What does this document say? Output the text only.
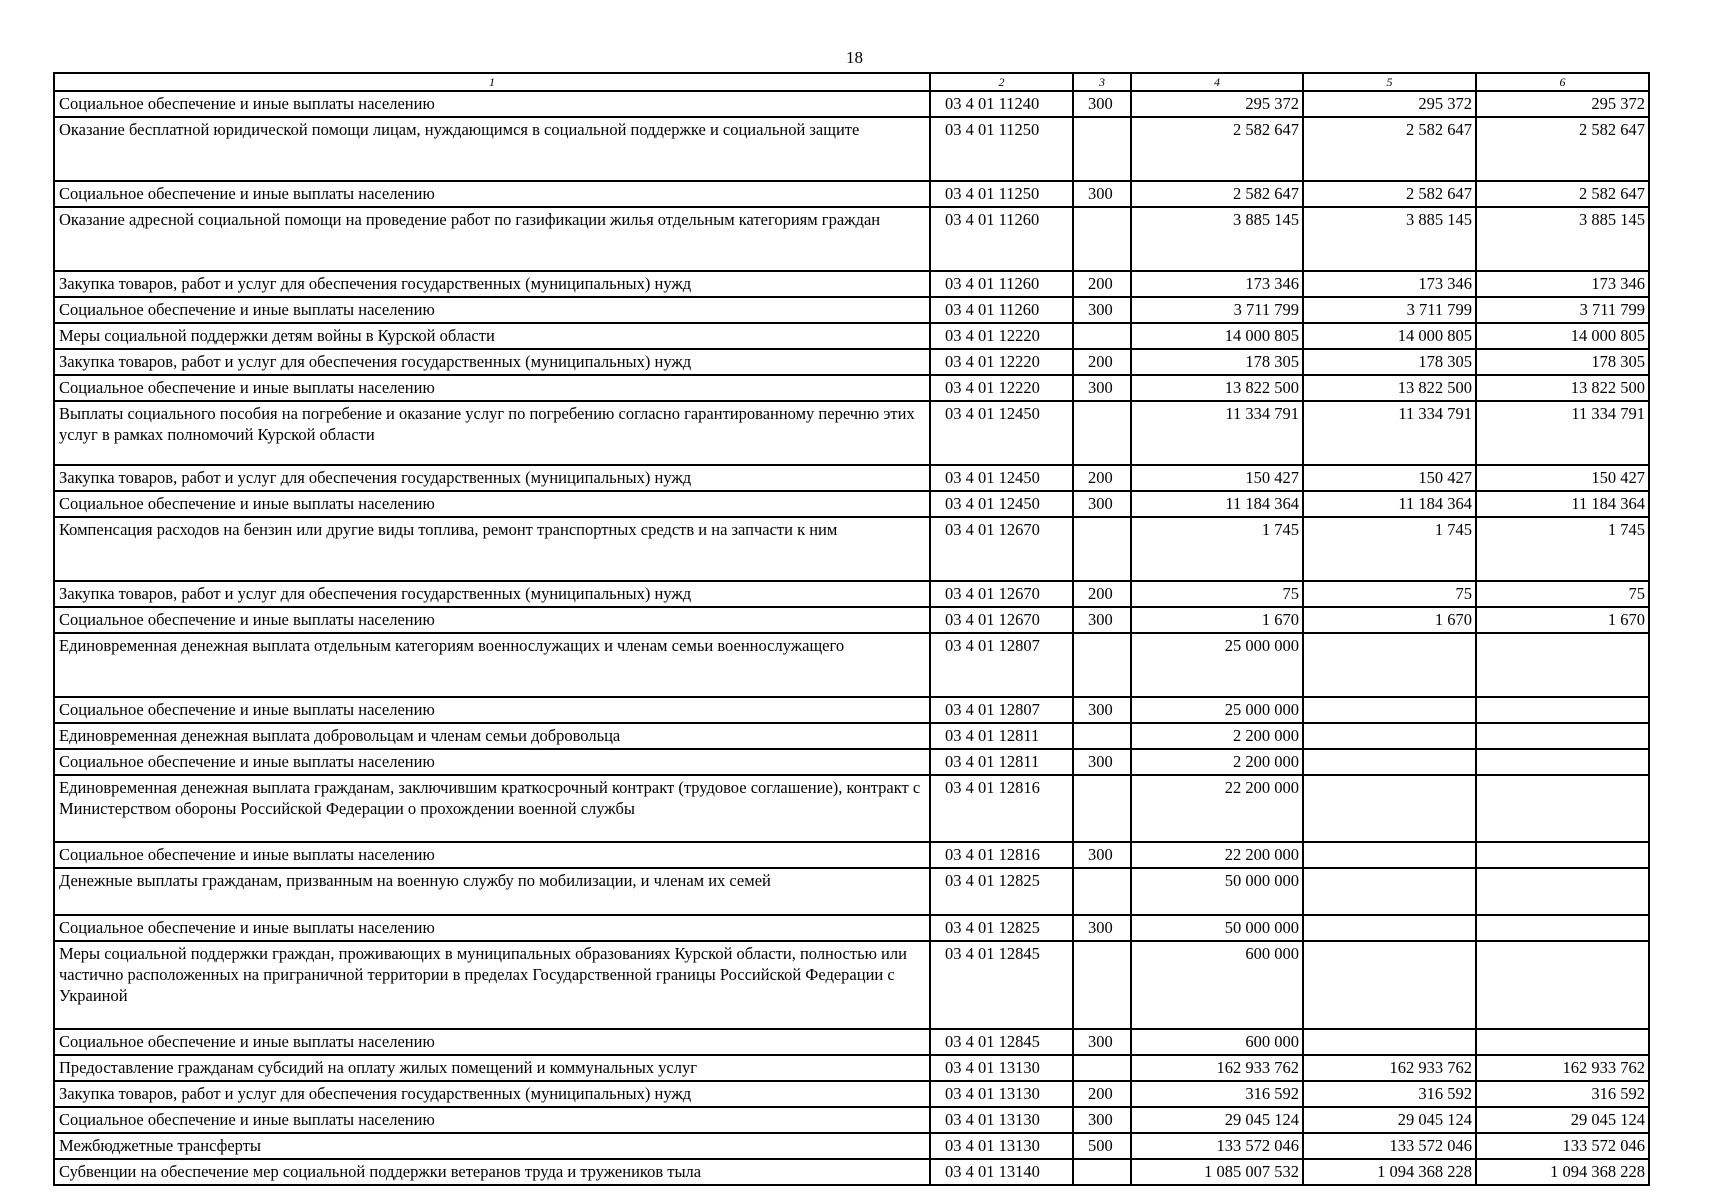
18
1	2	3	4	5	6
Социальное обеспечение и иные выплаты населению	03 4 01 11240	300	295 372	295 372	295 372
Оказание бесплатной юридической помощи лицам, нуждающимся в социальной поддержке и социальной защите	03 4 01 11250		2 582 647	2 582 647	2 582 647
Социальное обеспечение и иные выплаты населению	03 4 01 11250	300	2 582 647	2 582 647	2 582 647
Оказание адресной социальной помощи на проведение работ по газификации жилья отдельным категориям граждан	03 4 01 11260		3 885 145	3 885 145	3 885 145
Закупка товаров, работ и услуг для обеспечения государственных (муниципальных) нужд	03 4 01 11260	200	173 346	173 346	173 346
Социальное обеспечение и иные выплаты населению	03 4 01 11260	300	3 711 799	3 711 799	3 711 799
Меры социальной поддержки детям войны в Курской области	03 4 01 12220		14 000 805	14 000 805	14 000 805
Закупка товаров, работ и услуг для обеспечения государственных (муниципальных) нужд	03 4 01 12220	200	178 305	178 305	178 305
Социальное обеспечение и иные выплаты населению	03 4 01 12220	300	13 822 500	13 822 500	13 822 500
Выплаты социального пособия на погребение и оказание услуг по погребению согласно гарантированному перечню этих услуг в рамках полномочий Курской области	03 4 01 12450		11 334 791	11 334 791	11 334 791
Закупка товаров, работ и услуг для обеспечения государственных (муниципальных) нужд	03 4 01 12450	200	150 427	150 427	150 427
Социальное обеспечение и иные выплаты населению	03 4 01 12450	300	11 184 364	11 184 364	11 184 364
Компенсация расходов на бензин или другие виды топлива, ремонт транспортных средств и на запчасти к ним	03 4 01 12670		1 745	1 745	1 745
Закупка товаров, работ и услуг для обеспечения государственных (муниципальных) нужд	03 4 01 12670	200	75	75	75
Социальное обеспечение и иные выплаты населению	03 4 01 12670	300	1 670	1 670	1 670
Единовременная денежная выплата отдельным категориям военнослужащих и членам семьи военнослужащего	03 4 01 12807		25 000 000		
Социальное обеспечение и иные выплаты населению	03 4 01 12807	300	25 000 000		
Единовременная денежная выплата добровольцам и членам семьи добровольца	03 4 01 12811		2 200 000		
Социальное обеспечение и иные выплаты населению	03 4 01 12811	300	2 200 000		
Единовременная денежная выплата гражданам, заключившим краткосрочный контракт (трудовое соглашение), контракт с Министерством обороны Российской Федерации о прохождении военной службы	03 4 01 12816		22 200 000		
Социальное обеспечение и иные выплаты населению	03 4 01 12816	300	22 200 000		
Денежные выплаты гражданам, призванным на военную службу по мобилизации, и членам их семей	03 4 01 12825		50 000 000		
Социальное обеспечение и иные выплаты населению	03 4 01 12825	300	50 000 000		
Меры социальной поддержки граждан, проживающих в муниципальных образованиях Курской области, полностью или частично расположенных на приграничной территории в пределах Государственной границы Российской Федерации с Украиной	03 4 01 12845		600 000		
Социальное обеспечение и иные выплаты населению	03 4 01 12845	300	600 000		
Предоставление гражданам субсидий на оплату жилых помещений и коммунальных услуг	03 4 01 13130		162 933 762	162 933 762	162 933 762
Закупка товаров, работ и услуг для обеспечения государственных (муниципальных) нужд	03 4 01 13130	200	316 592	316 592	316 592
Социальное обеспечение и иные выплаты населению	03 4 01 13130	300	29 045 124	29 045 124	29 045 124
Межбюджетные трансферты	03 4 01 13130	500	133 572 046	133 572 046	133 572 046
Субвенции на обеспечение мер социальной поддержки ветеранов труда и тружеников тыла	03 4 01 13140		1 085 007 532	1 094 368 228	1 094 368 228
